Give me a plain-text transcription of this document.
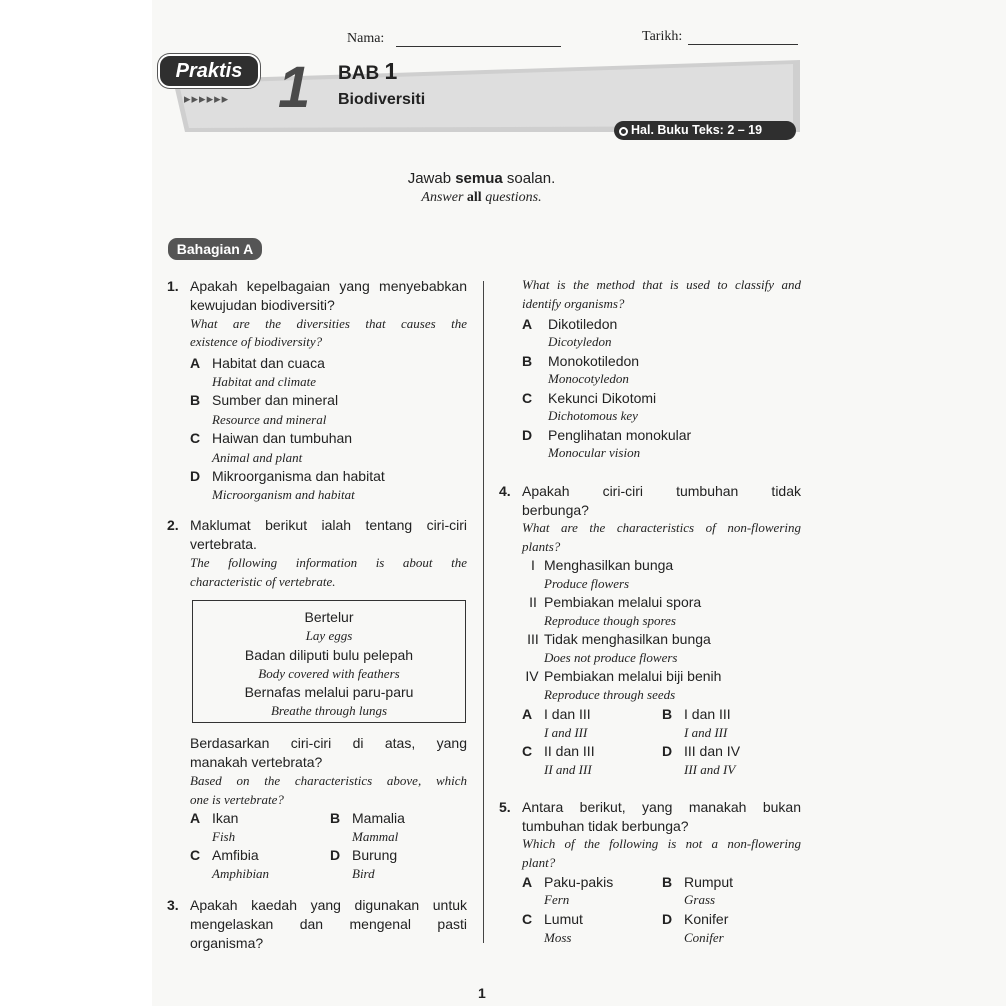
Nama:	Tarikh:
Praktis
▸▸▸▸▸▸ 1 BAB 1
Biodiversiti
Hal. Buku Teks: 2 – 19
Jawab semua soalan.
Answer all questions.
Bahagian A
1. Apakah kepelbagaian yang menyebabkan
kewujudan biodiversiti?
What are the diversities that causes the
existence of biodiversity?
A Habitat dan cuaca
Habitat and climate
B Sumber dan mineral
Resource and mineral
C Haiwan dan tumbuhan
Animal and plant
D Mikroorganisma dan habitat
Microorganism and habitat
2. Maklumat berikut ialah tentang ciri-ciri
vertebrata.
The following information is about the
characteristic of vertebrate.
Bertelur
Lay eggs
Badan diliputi bulu pelepah
Body covered with feathers
Bernafas melalui paru-paru
Breathe through lungs
Berdasarkan ciri-ciri di atas, yang
manakah vertebrata?
Based on the characteristics above, which
one is vertebrate?
A Ikan
Fish
B Mamalia
Mammal
C Amfibia
Amphibian
D Burung
Bird
3. Apakah kaedah yang digunakan untuk
mengelaskan dan mengenal pasti
organisma?
What is the method that is used to classify and
identify organisms?
A Dikotiledon
Dicotyledon
B Monokotiledon
Monocotyledon
C Kekunci Dikotomi
Dichotomous key
D Penglihatan monokular
Monocular vision
4. Apakah ciri-ciri tumbuhan tidak
berbunga?
What are the characteristics of non-flowering
plants?
I Menghasilkan bunga
Produce flowers
II Pembiakan melalui spora
Reproduce though spores
III Tidak menghasilkan bunga
Does not produce flowers
IV Pembiakan melalui biji benih
Reproduce through seeds
A I dan III
I and III
B I dan III
I and III
C II dan III
II and III
D III dan IV
III and IV
5. Antara berikut, yang manakah bukan
tumbuhan tidak berbunga?
Which of the following is not a non-flowering
plant?
A Paku-pakis
Fern
B Rumput
Grass
C Lumut
Moss
D Konifer
Conifer
1
